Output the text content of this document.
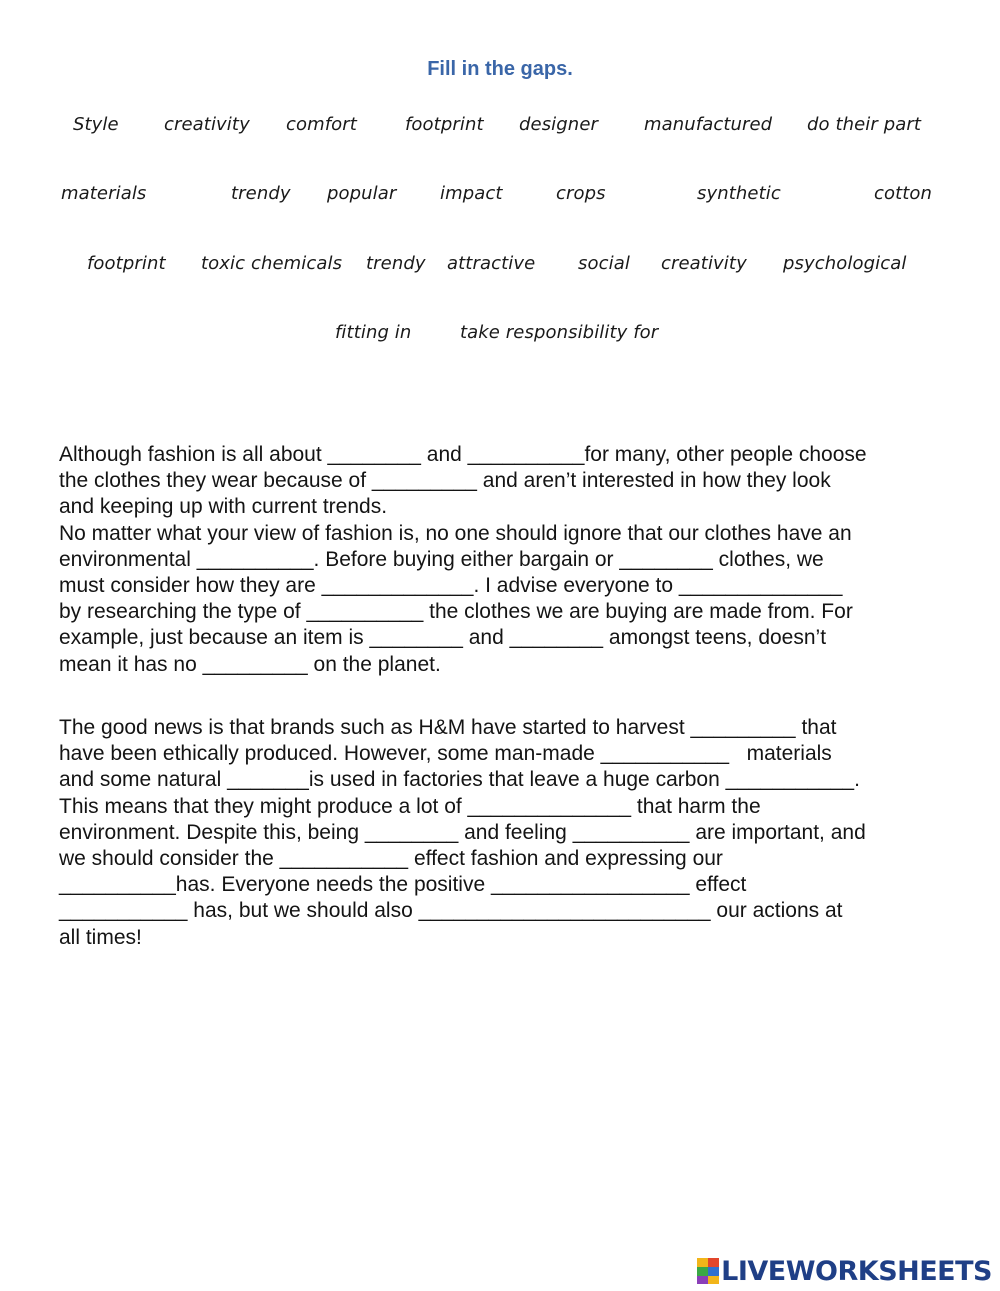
Fill in the gaps.
Style	creativity comfort	footprint designer	manufactured do their part
materials	trendy popular impact	crops	synthetic	cotton
footprint toxic chemicals trendy attractive social creativity psychological
fitting in	take responsibility for

Although fashion is all about ________ and __________for many, other people choose
the clothes they wear because of _________ and aren’t interested in how they look
and keeping up with current trends.
No matter what your view of fashion is, no one should ignore that our clothes have an
environmental __________. Before buying either bargain or ________ clothes, we
must consider how they are _____________. I advise everyone to ______________
by researching the type of __________ the clothes we are buying are made from. For
example, just because an item is ________ and ________ amongst teens, doesn’t
mean it has no _________ on the planet.

The good news is that brands such as H&M have started to harvest _________ that
have been ethically produced. However, some man-made ___________   materials
and some natural _______is used in factories that leave a huge carbon ___________.
This means that they might produce a lot of ______________ that harm the
environment. Despite this, being ________ and feeling __________ are important, and
we should consider the ___________ effect fashion and expressing our
__________has. Everyone needs the positive _________________ effect
___________ has, but we should also _________________________ our actions at
all times!

LIVEWORKSHEETS
